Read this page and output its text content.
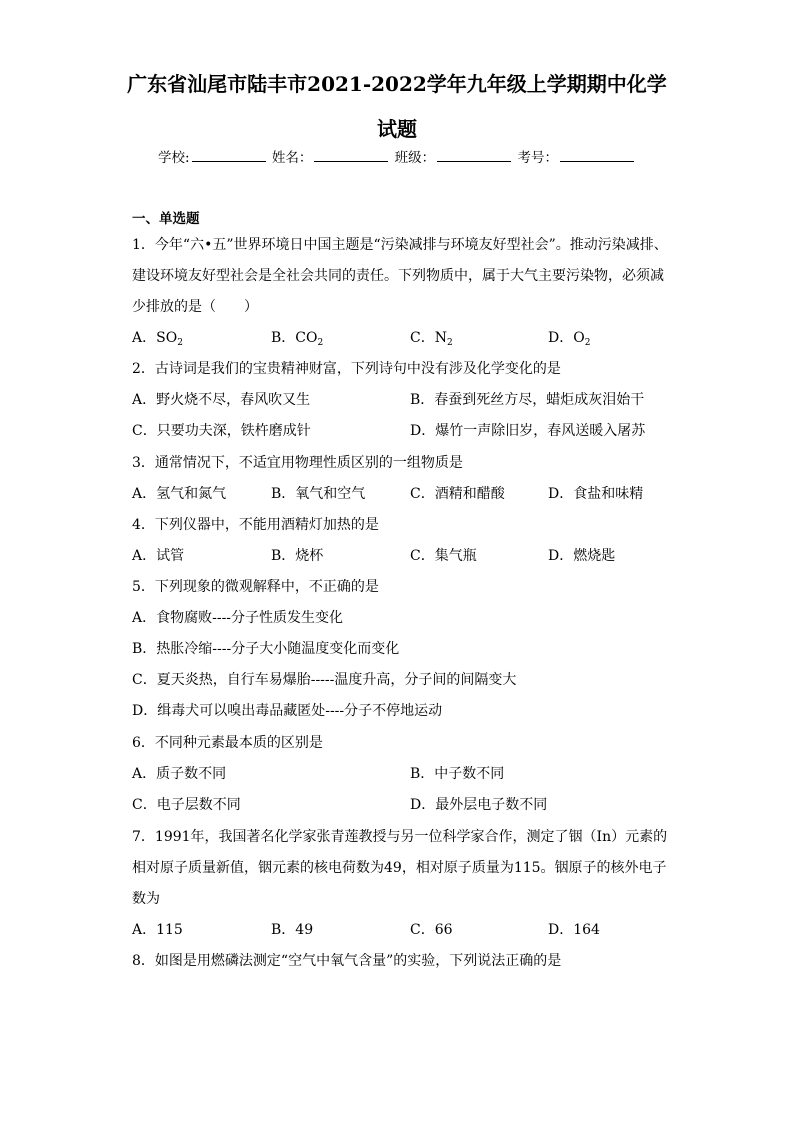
广东省汕尾市陆丰市2021-2022学年九年级上学期期中化学
试题
学校:	姓名：	班级：	考号：
一、单选题
1．今年“六•五”世界环境日中国主题是“污染减排与环境友好型社会”。推动污染减排、
建设环境友好型社会是全社会共同的责任。下列物质中，属于大气主要污染物，必须减
少排放的是（　　）
A．$SO_2$	B．$CO_2$	C．$N_2$	D．$O_2$
2．古诗词是我们的宝贵精神财富，下列诗句中没有涉及化学变化的是
A．野火烧不尽，春风吹又生	B．春蚕到死丝方尽，蜡炬成灰泪始干
C．只要功夫深，铁杵磨成针	D．爆竹一声除旧岁，春风送暖入屠苏
3．通常情况下，不适宜用物理性质区别的一组物质是
A．氢气和氮气	B．氧气和空气	C．酒精和醋酸	D．食盐和味精
4．下列仪器中，不能用酒精灯加热的是
A．试管	B．烧杯	C．集气瓶	D．燃烧匙
5．下列现象的微观解释中，不正确的是
A．食物腐败----分子性质发生变化
B．热胀冷缩----分子大小随温度变化而变化
C．夏天炎热，自行车易爆胎-----温度升高，分子间的间隔变大
D．缉毒犬可以嗅出毒品藏匿处----分子不停地运动
6．不同种元素最本质的区别是
A．质子数不同	B．中子数不同
C．电子层数不同	D．最外层电子数不同
7．1991年，我国著名化学家张青莲教授与另一位科学家合作，测定了铟（In）元素的
相对原子质量新值，铟元素的核电荷数为49，相对原子质量为115。铟原子的核外电子
数为
A．115	B．49	C．66	D．164
8．如图是用燃磷法测定“空气中氧气含量”的实验，下列说法正确的是
